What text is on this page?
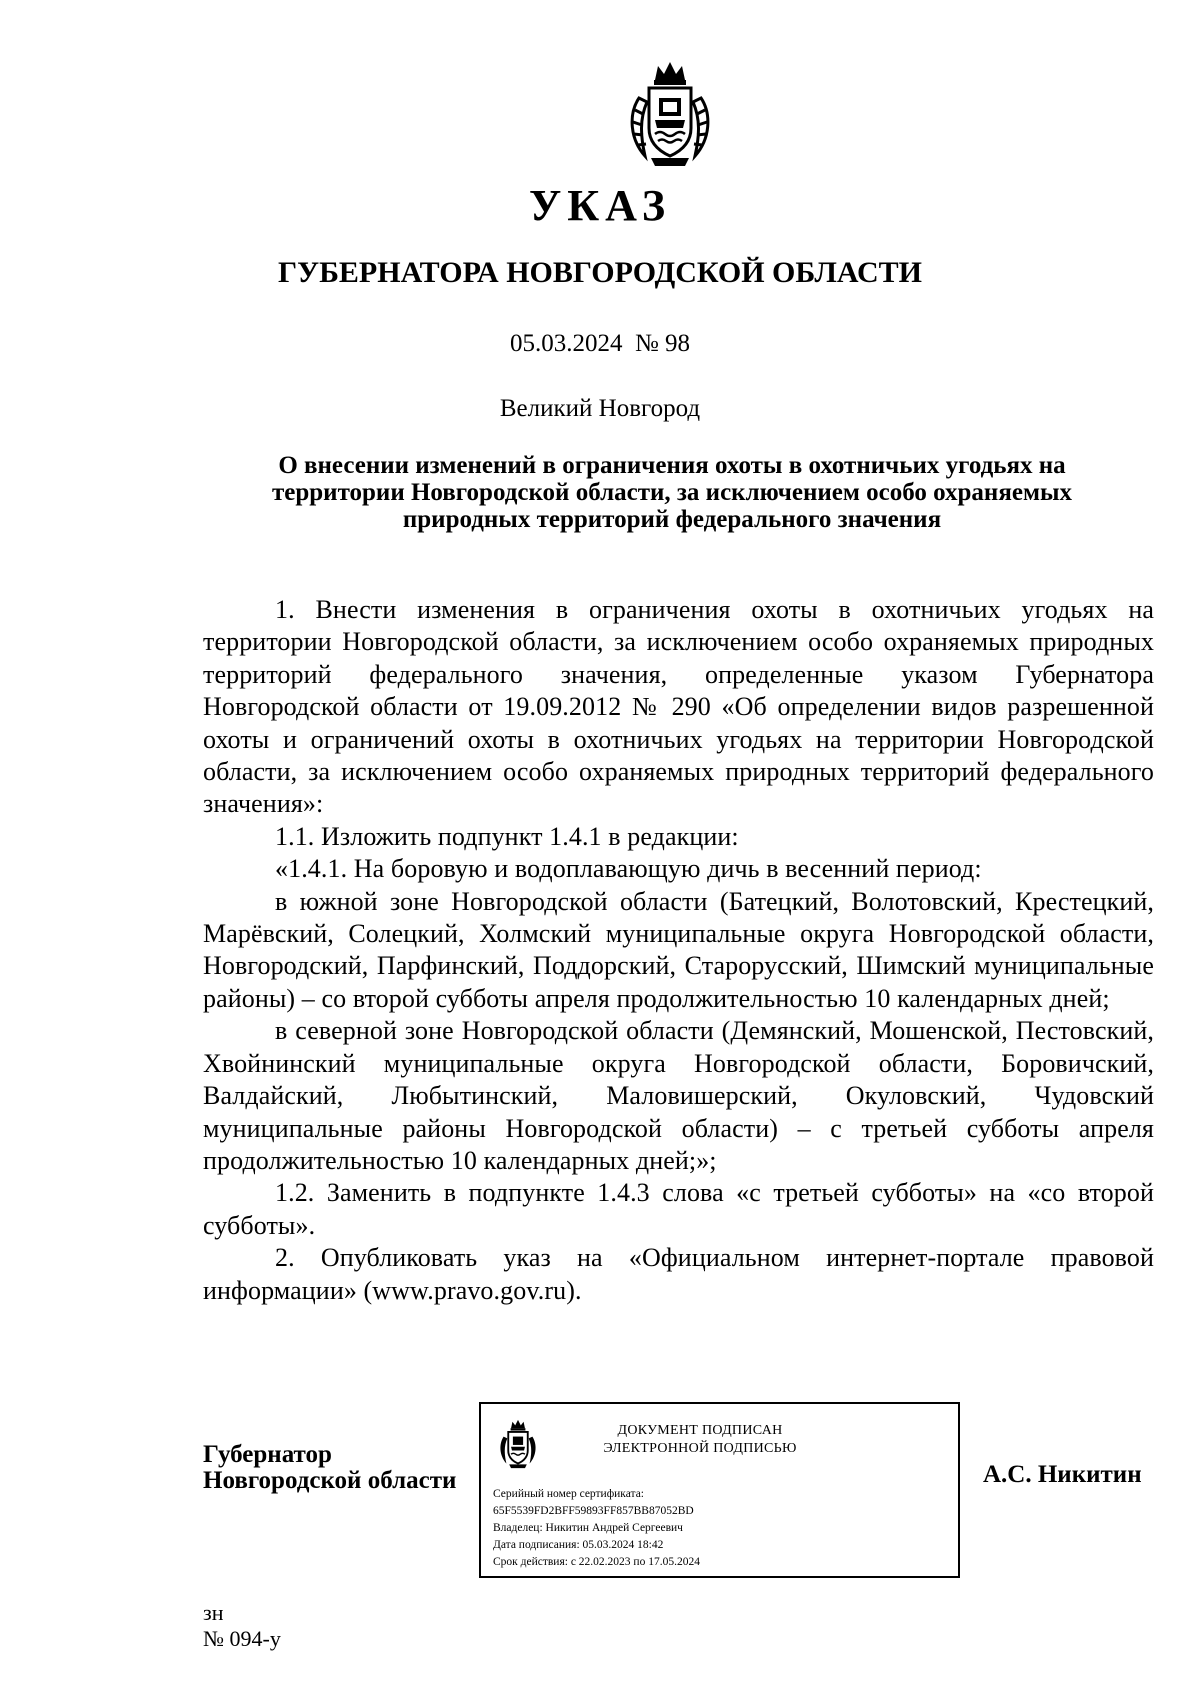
УКАЗ
ГУБЕРНАТОРА НОВГОРОДСКОЙ ОБЛАСТИ
05.03.2024 № 98
Великий Новгород
О внесении изменений в ограничения охоты в охотничьих угодьях на территории Новгородской области, за исключением особо охраняемых природных территорий федерального значения

1. Внести изменения в ограничения охоты в охотничьих угодьях на территории Новгородской области, за исключением особо охраняемых природных территорий федерального значения, определенные указом Губернатора Новгородской области от 19.09.2012 № 290 «Об определении видов разрешенной охоты и ограничений охоты в охотничьих угодьях на территории Новгородской области, за исключением особо охраняемых природных территорий федерального значения»:

1.1. Изложить подпункт 1.4.1 в редакции:

«1.4.1. На боровую и водоплавающую дичь в весенний период:

в южной зоне Новгородской области (Батецкий, Волотовский, Крестецкий, Марёвский, Солецкий, Холмский муниципальные округа Новгородской области, Новгородский, Парфинский, Поддорский, Старорусский, Шимский муниципальные районы) – со второй субботы апреля продолжительностью 10 календарных дней;

в северной зоне Новгородской области (Демянский, Мошенской, Пестовский, Хвойнинский муниципальные округа Новгородской области, Боровичский, Валдайский, Любытинский, Маловишерский, Окуловский, Чудовский муниципальные районы Новгородской области) – с третьей субботы апреля продолжительностью 10 календарных дней;»;

1.2. Заменить в подпункте 1.4.3 слова «с третьей субботы» на «со второй субботы».

2. Опубликовать указ на «Официальном интернет-портале правовой информации» (www.pravo.gov.ru).

Губернатор
Новгородской области
ДОКУМЕНТ ПОДПИСАН
ЭЛЕКТРОННОЙ ПОДПИСЬЮ
Серийный номер сертификата:
65F5539FD2BFF59893FF857BB87052BD
Владелец: Никитин Андрей Сергеевич
Дата подписания: 05.03.2024 18:42
Срок действия: с 22.02.2023 по 17.05.2024
А.С. Никитин
зн
№ 094-у
